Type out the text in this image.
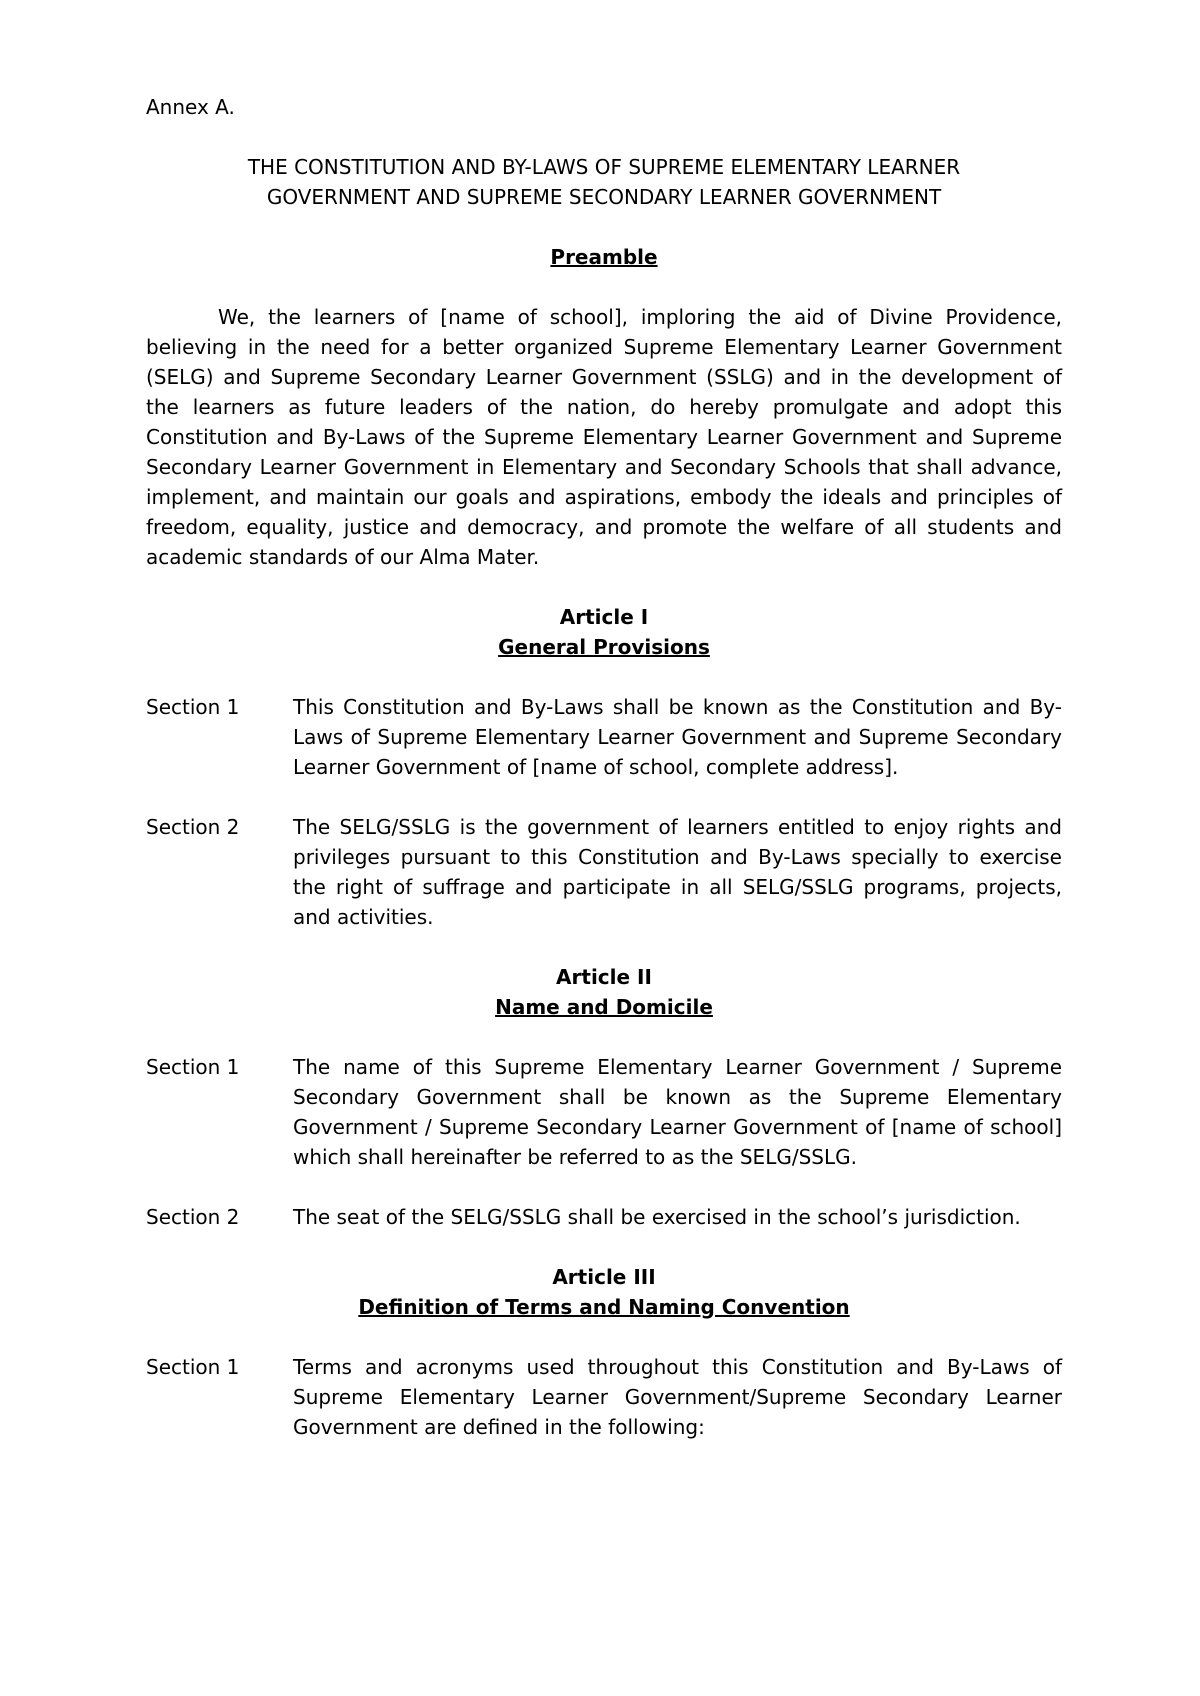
Annex A.

THE CONSTITUTION AND BY-LAWS OF SUPREME ELEMENTARY LEARNER
GOVERNMENT AND SUPREME SECONDARY LEARNER GOVERNMENT
Preamble

We, the learners of [name of school], imploring the aid of Divine Providence, believing in the need for a better organized Supreme Elementary Learner Government (SELG) and Supreme Secondary Learner Government (SSLG) and in the development of the learners as future leaders of the nation, do hereby promulgate and adopt this Constitution and By-Laws of the Supreme Elementary Learner Government and Supreme Secondary Learner Government in Elementary and Secondary Schools that shall advance, implement, and maintain our goals and aspirations, embody the ideals and principles of freedom, equality, justice and democracy, and promote the welfare of all students and academic standards of our Alma Mater.

Article I

General Provisions

Section 1	This Constitution and By-Laws shall be known as the Constitution and By-Laws of Supreme Elementary Learner Government and Supreme Secondary Learner Government of [name of school, complete address].
Section 2	The SELG/SSLG is the government of learners entitled to enjoy rights and privileges pursuant to this Constitution and By-Laws specially to exercise the right of suffrage and participate in all SELG/SSLG programs, projects, and activities.

Article II

Name and Domicile

Section 1	The name of this Supreme Elementary Learner Government / Supreme Secondary Government shall be known as the Supreme Elementary Government / Supreme Secondary Learner Government of [name of school] which shall hereinafter be referred to as the SELG/SSLG.
Section 2	The seat of the SELG/SSLG shall be exercised in the school’s jurisdiction.

Article III

Definition of Terms and Naming Convention

Section 1	Terms and acronyms used throughout this Constitution and By-Laws of Supreme Elementary Learner Government/Supreme Secondary Learner Government are defined in the following:
